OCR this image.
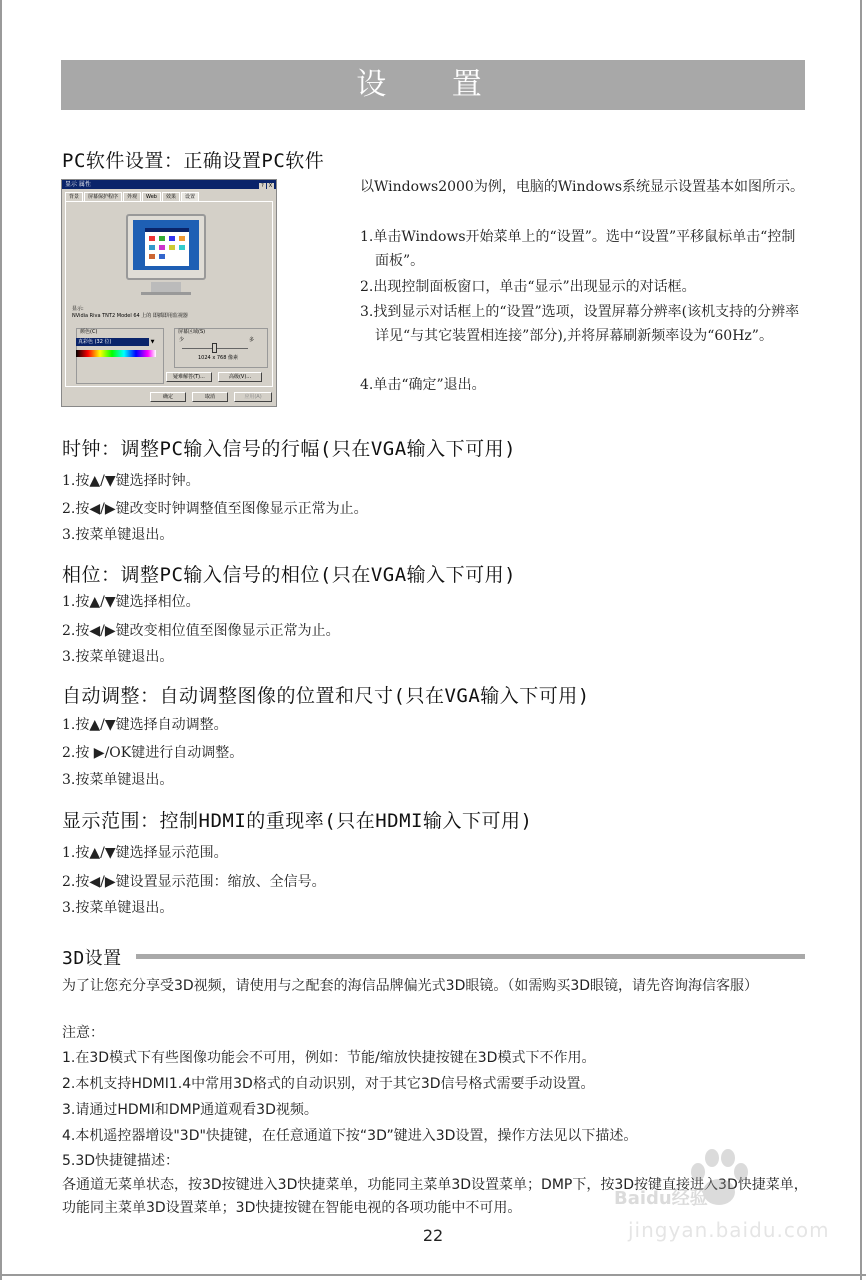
设 置
PC软件设置：正确设置PC软件
显示 属性	? X
背景	屏幕保护程序	外观	Web	效果	设置
显示:
NVidia Riva TNT2 Model 64 上的 即插即用监视器
颜色(C)	屏幕区域(S)
少	多
1024 x 768 像素
疑难解答(T)...	高级(V)...
真彩色 (32 位)	▼
确定	取消	应用(A)
以Windows2000为例，电脑的Windows系统显示设置基本如图所示。
1.单击Windows开始菜单上的“设置”。选中“设置”平移鼠标单击“控制面板”。
2.出现控制面板窗口，单击“显示”出现显示的对话框。
3.找到显示对话框上的“设置”选项，设置屏幕分辨率(该机支持的分辨率详见“与其它装置相连接”部分),并将屏幕刷新频率设为“60Hz”。
4.单击“确定”退出。
时钟：调整PC输入信号的行幅(只在VGA输入下可用)
1.按▲/▼键选择时钟。
2.按◀/▶键改变时钟调整值至图像显示正常为止。
3.按菜单键退出。
相位：调整PC输入信号的相位(只在VGA输入下可用)
1.按▲/▼键选择相位。
2.按◀/▶键改变相位值至图像显示正常为止。
3.按菜单键退出。
自动调整：自动调整图像的位置和尺寸(只在VGA输入下可用)
1.按▲/▼键选择自动调整。
2.按 ▶/OK键进行自动调整。
3.按菜单键退出。
显示范围：控制HDMI的重现率(只在HDMI输入下可用)
1.按▲/▼键选择显示范围。
2.按◀/▶键设置显示范围：缩放、全信号。
3.按菜单键退出。
3D设置
为了让您充分享受3D视频，请使用与之配套的海信品牌偏光式3D眼镜。（如需购买3D眼镜，请先咨询海信客服）
注意：
1.在3D模式下有些图像功能会不可用，例如：节能/缩放快捷按键在3D模式下不作用。
2.本机支持HDMI1.4中常用3D格式的自动识别，对于其它3D信号格式需要手动设置。
3.请通过HDMI和DMP通道观看3D视频。
4.本机遥控器增设"3D"快捷键，在任意通道下按“3D”键进入3D设置，操作方法见以下描述。
5.3D快捷键描述：
各通道无菜单状态，按3D按键进入3D快捷菜单，功能同主菜单3D设置菜单；DMP下，按3D按键直接进入3D快捷菜单，功能同主菜单3D设置菜单；3D快捷按键在智能电视的各项功能中不可用。
22
Baidu经验
jingyan.baidu.com
